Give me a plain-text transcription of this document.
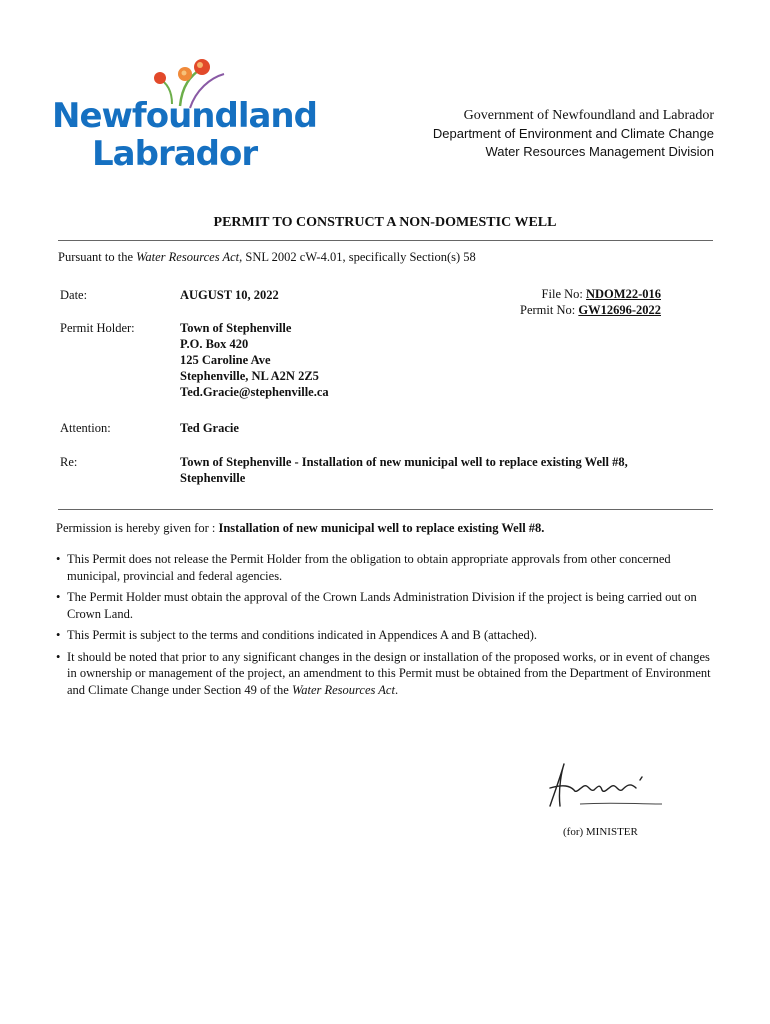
Newfoundland
Labrador
Government of Newfoundland and Labrador
Department of Environment and Climate Change
Water Resources Management Division
PERMIT TO CONSTRUCT A NON-DOMESTIC WELL
Pursuant to the Water Resources Act, SNL 2002 cW-4.01, specifically Section(s) 58
Date:	AUGUST 10, 2022	File No: NDOM22-016
Permit No: GW12696-2022
Permit Holder:	Town of Stephenville
P.O. Box 420
125 Caroline Ave
Stephenville, NL A2N 2Z5
Ted.Gracie@stephenville.ca
Attention:	Ted Gracie
Re:	Town of Stephenville - Installation of new municipal well to replace existing Well #8,
Stephenville
Permission is hereby given for : Installation of new municipal well to replace existing Well #8.
• This Permit does not release the Permit Holder from the obligation to obtain appropriate approvals from other concerned municipal, provincial and federal agencies.
• The Permit Holder must obtain the approval of the Crown Lands Administration Division if the project is being carried out on Crown Land.
• This Permit is subject to the terms and conditions indicated in Appendices A and B (attached).
• It should be noted that prior to any significant changes in the design or installation of the proposed works, or in event of changes in ownership or management of the project, an amendment to this Permit must be obtained from the Department of Environment and Climate Change under Section 49 of the Water Resources Act.
(for) MINISTER
